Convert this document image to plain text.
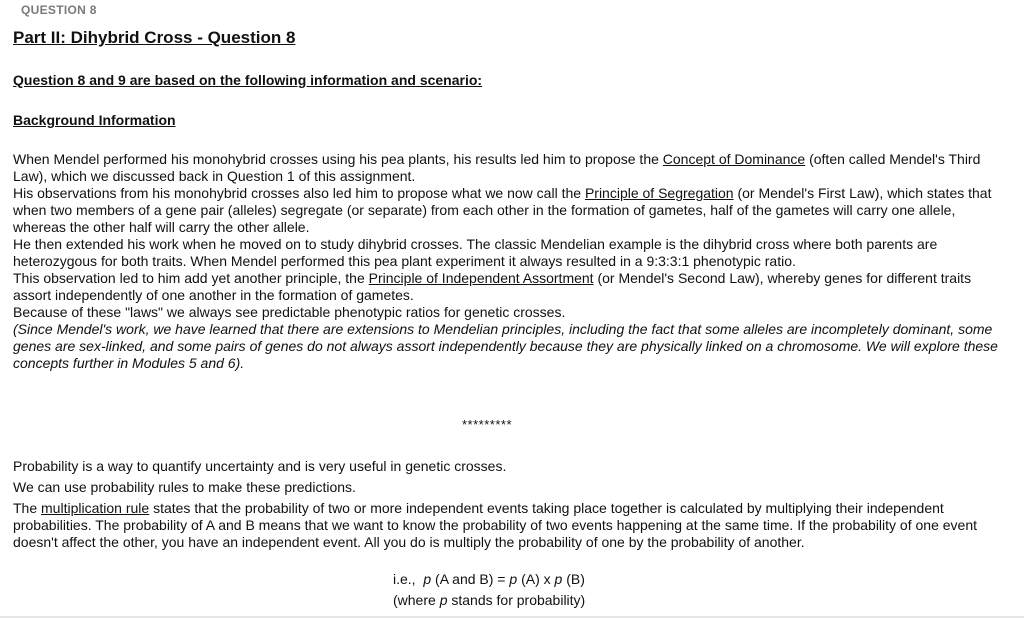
QUESTION 8
Part II: Dihybrid Cross - Question 8
Question 8 and 9 are based on the following information and scenario:
Background Information

When Mendel performed his monohybrid crosses using his pea plants, his results led him to propose the Concept of Dominance (often called Mendel's Third Law), which we discussed back in Question 1 of this assignment.

His observations from his monohybrid crosses also led him to propose what we now call the Principle of Segregation (or Mendel's First Law), which states that when two members of a gene pair (alleles) segregate (or separate) from each other in the formation of gametes, half of the gametes will carry one allele, whereas the other half will carry the other allele.

He then extended his work when he moved on to study dihybrid crosses. The classic Mendelian example is the dihybrid cross where both parents are heterozygous for both traits. When Mendel performed this pea plant experiment it always resulted in a 9:3:3:1 phenotypic ratio.

This observation led to him add yet another principle, the Principle of Independent Assortment (or Mendel's Second Law), whereby genes for different traits assort independently of one another in the formation of gametes.

Because of these "laws" we always see predictable phenotypic ratios for genetic crosses.

(Since Mendel's work, we have learned that there are extensions to Mendelian principles, including the fact that some alleles are incompletely dominant, some genes are sex-linked, and some pairs of genes do not always assort independently because they are physically linked on a chromosome. We will explore these concepts further in Modules 5 and 6).

*********

Probability is a way to quantify uncertainty and is very useful in genetic crosses.

We can use probability rules to make these predictions.

The multiplication rule states that the probability of two or more independent events taking place together is calculated by multiplying their independent probabilities. The probability of A and B means that we want to know the probability of two events happening at the same time. If the probability of one event doesn't affect the other, you have an independent event. All you do is multiply the probability of one by the probability of another.

i.e., p (A and B) = p (A) x p (B)
(where p stands for probability)
